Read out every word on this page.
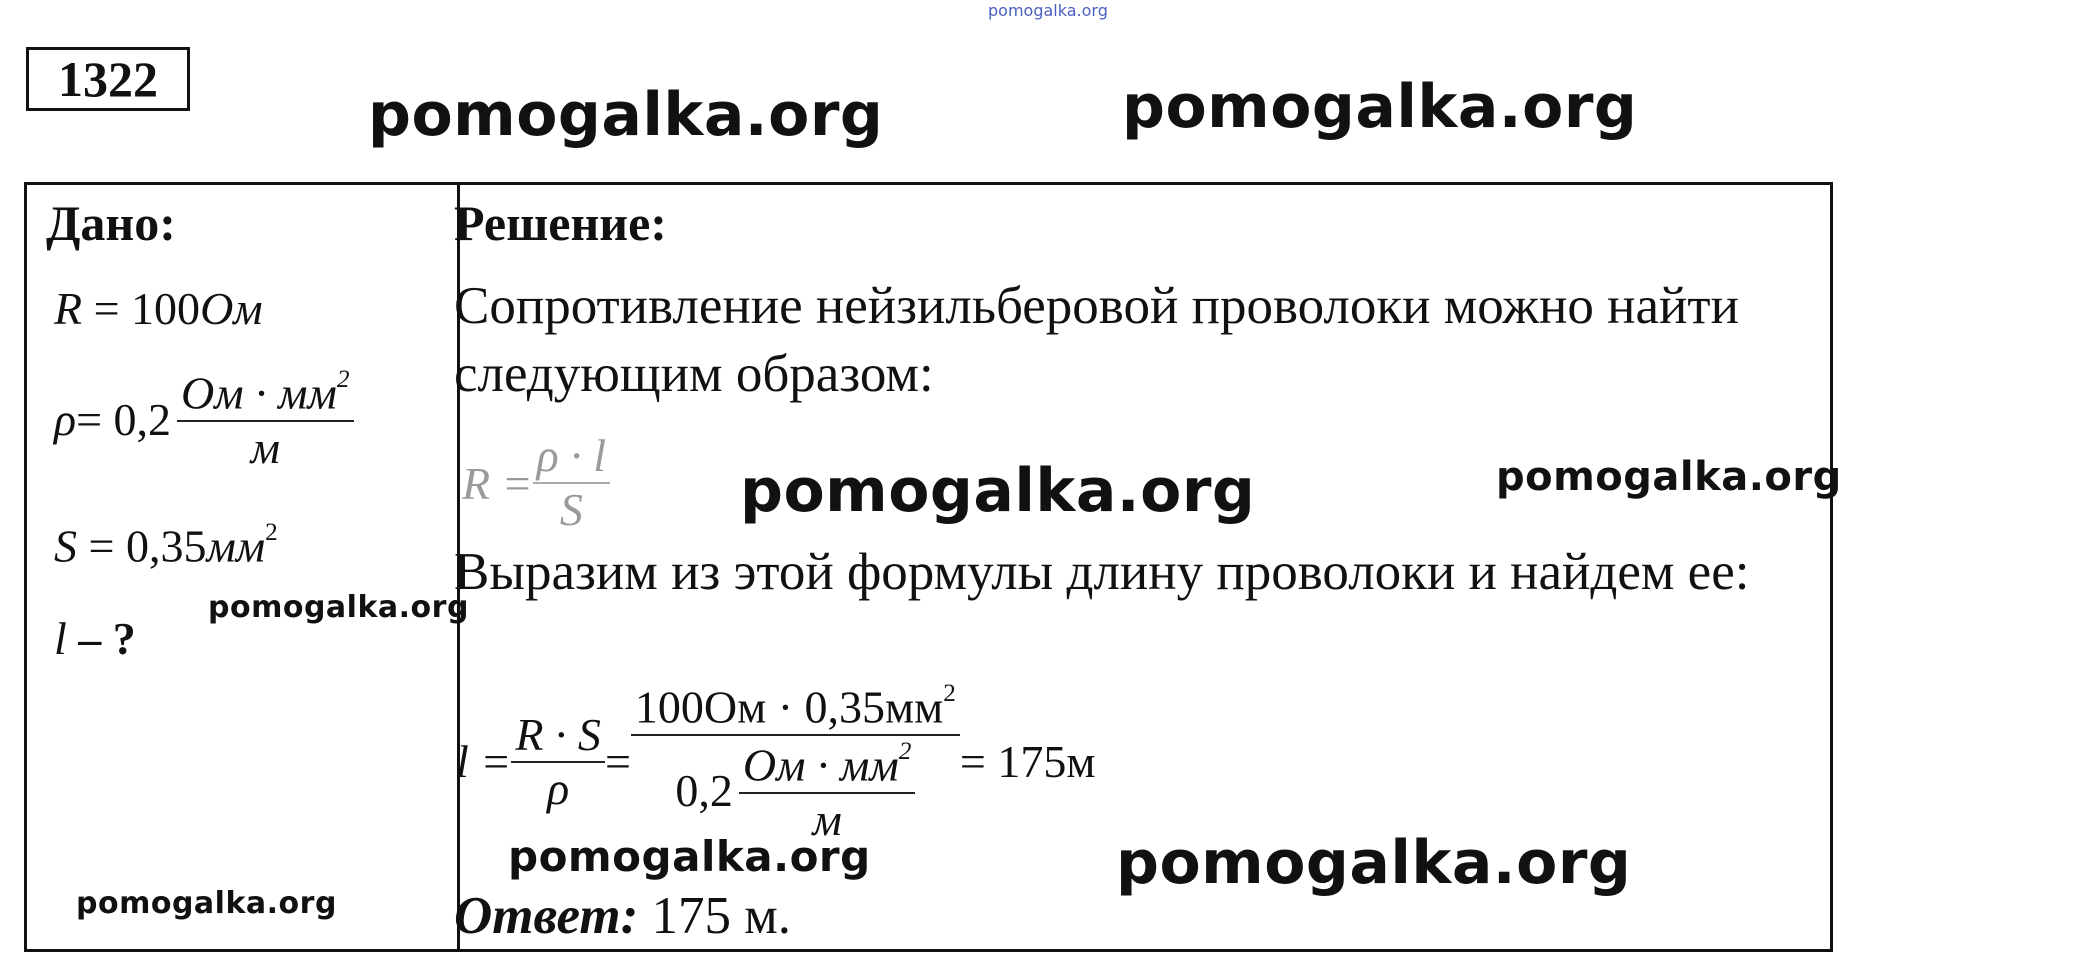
pomogalka.org
1322
pomogalka.org	pomogalka.org
Дано:
R = 100Ом
$\rho = 0,2 \frac{Ом \cdot мм^2}{м}$
$S = 0,35мм^2$
pomogalka.org
l – ?
pomogalka.org
Решение:
Сопротивление нейзильберовой проволоки можно найти
следующим образом:
$R = \frac{\rho \cdot l}{S}$ pomogalka.org	pomogalka.org
Выразим из этой формулы длину проволоки и найдем ее:
$l = \frac{R \cdot S}{\rho} = \frac{100Ом \cdot 0,35мм^2}{0,2 \frac{Ом \cdot мм^2}{м}} = 175м$
pomogalka.org	pomogalka.org
Ответ: 175 м.
